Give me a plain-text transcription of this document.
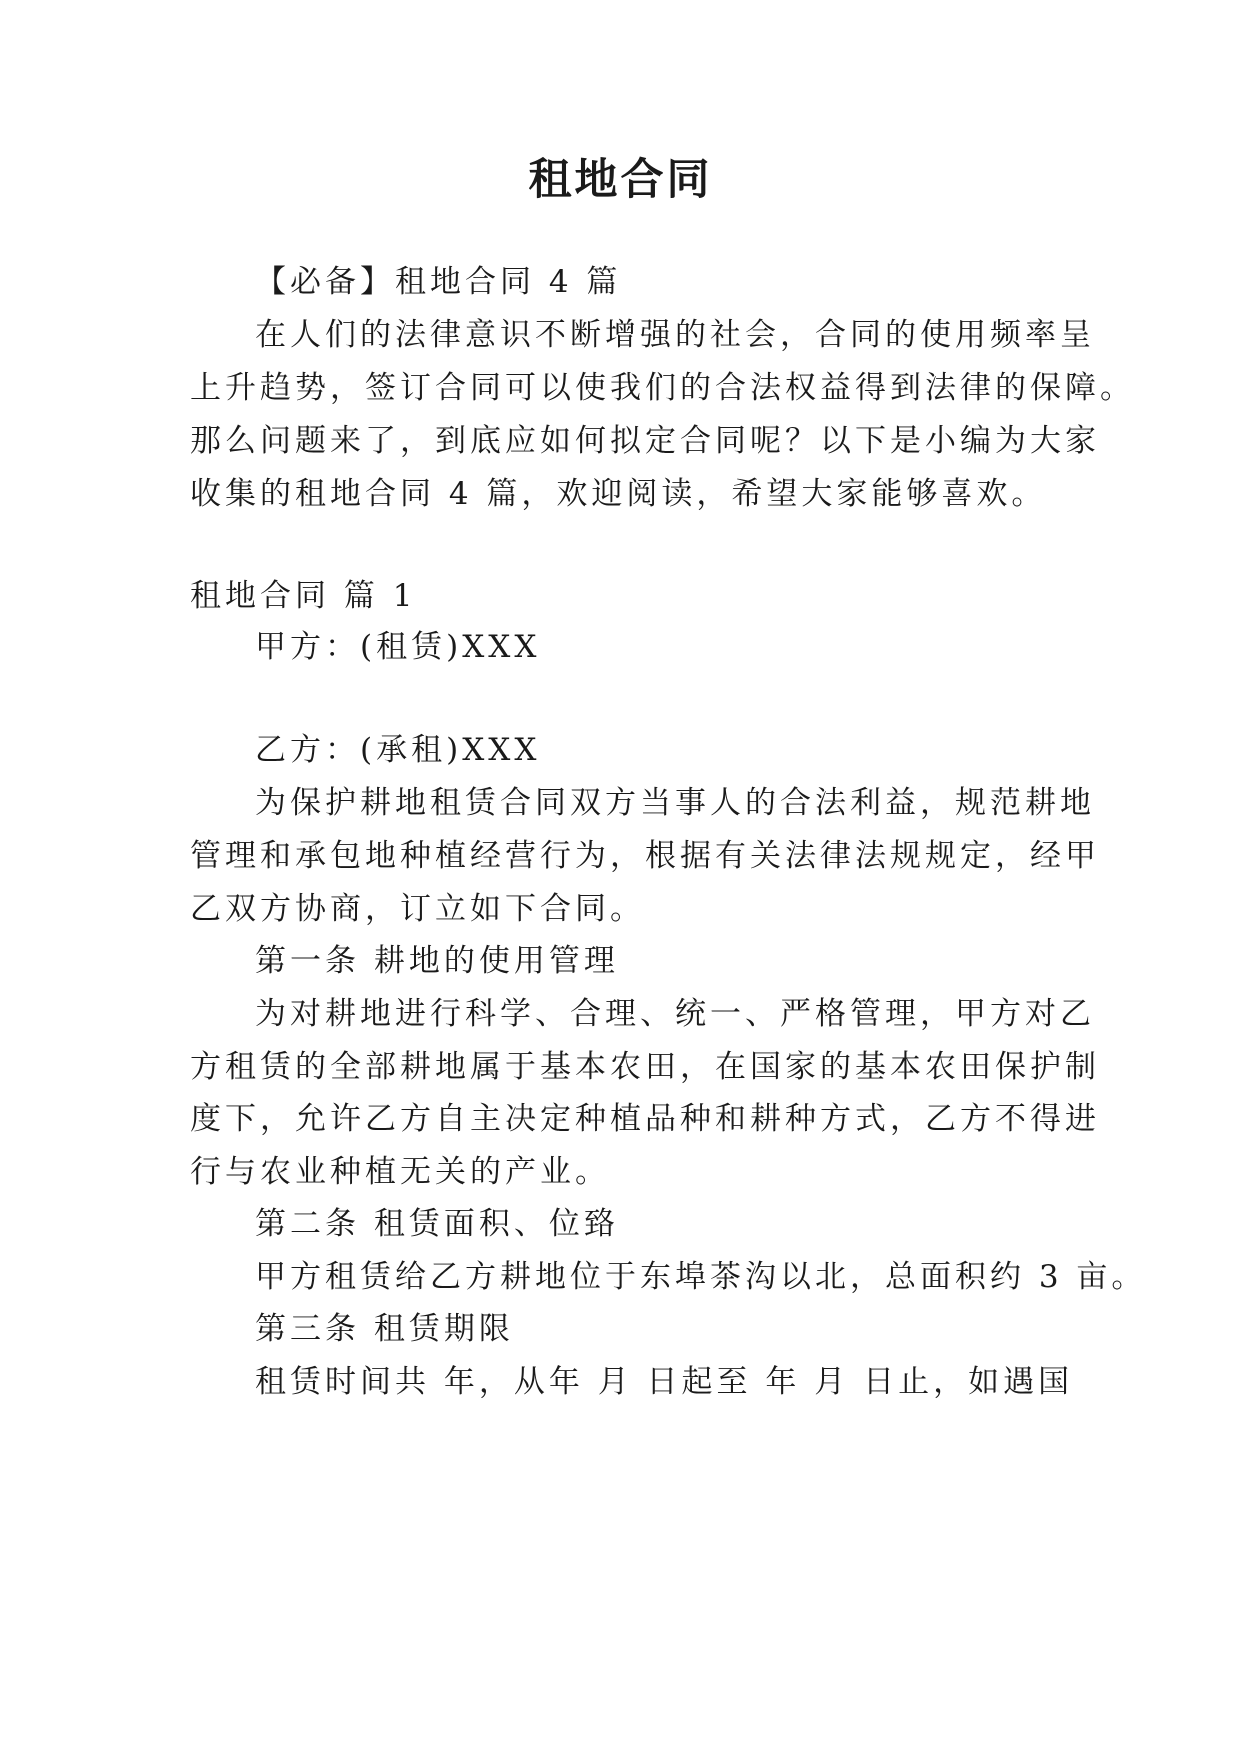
租地合同
【必备】租地合同 4 篇
在人们的法律意识不断增强的社会，合同的使用频率呈
上升趋势，签订合同可以使我们的合法权益得到法律的保障。
那么问题来了，到底应如何拟定合同呢？以下是小编为大家
收集的租地合同 4 篇，欢迎阅读，希望大家能够喜欢。
租地合同 篇 1
甲方：(租赁)XXX
乙方：(承租)XXX
为保护耕地租赁合同双方当事人的合法利益，规范耕地
管理和承包地种植经营行为，根据有关法律法规规定，经甲
乙双方协商，订立如下合同。
第一条 耕地的使用管理
为对耕地进行科学、合理、统一、严格管理，甲方对乙
方租赁的全部耕地属于基本农田，在国家的基本农田保护制
度下，允许乙方自主决定种植品种和耕种方式，乙方不得进
行与农业种植无关的产业。
第二条 租赁面积、位臵
甲方租赁给乙方耕地位于东埠茶沟以北，总面积约 3 亩。
第三条 租赁期限
租赁时间共 年，从年 月 日起至 年 月 日止，如遇国
